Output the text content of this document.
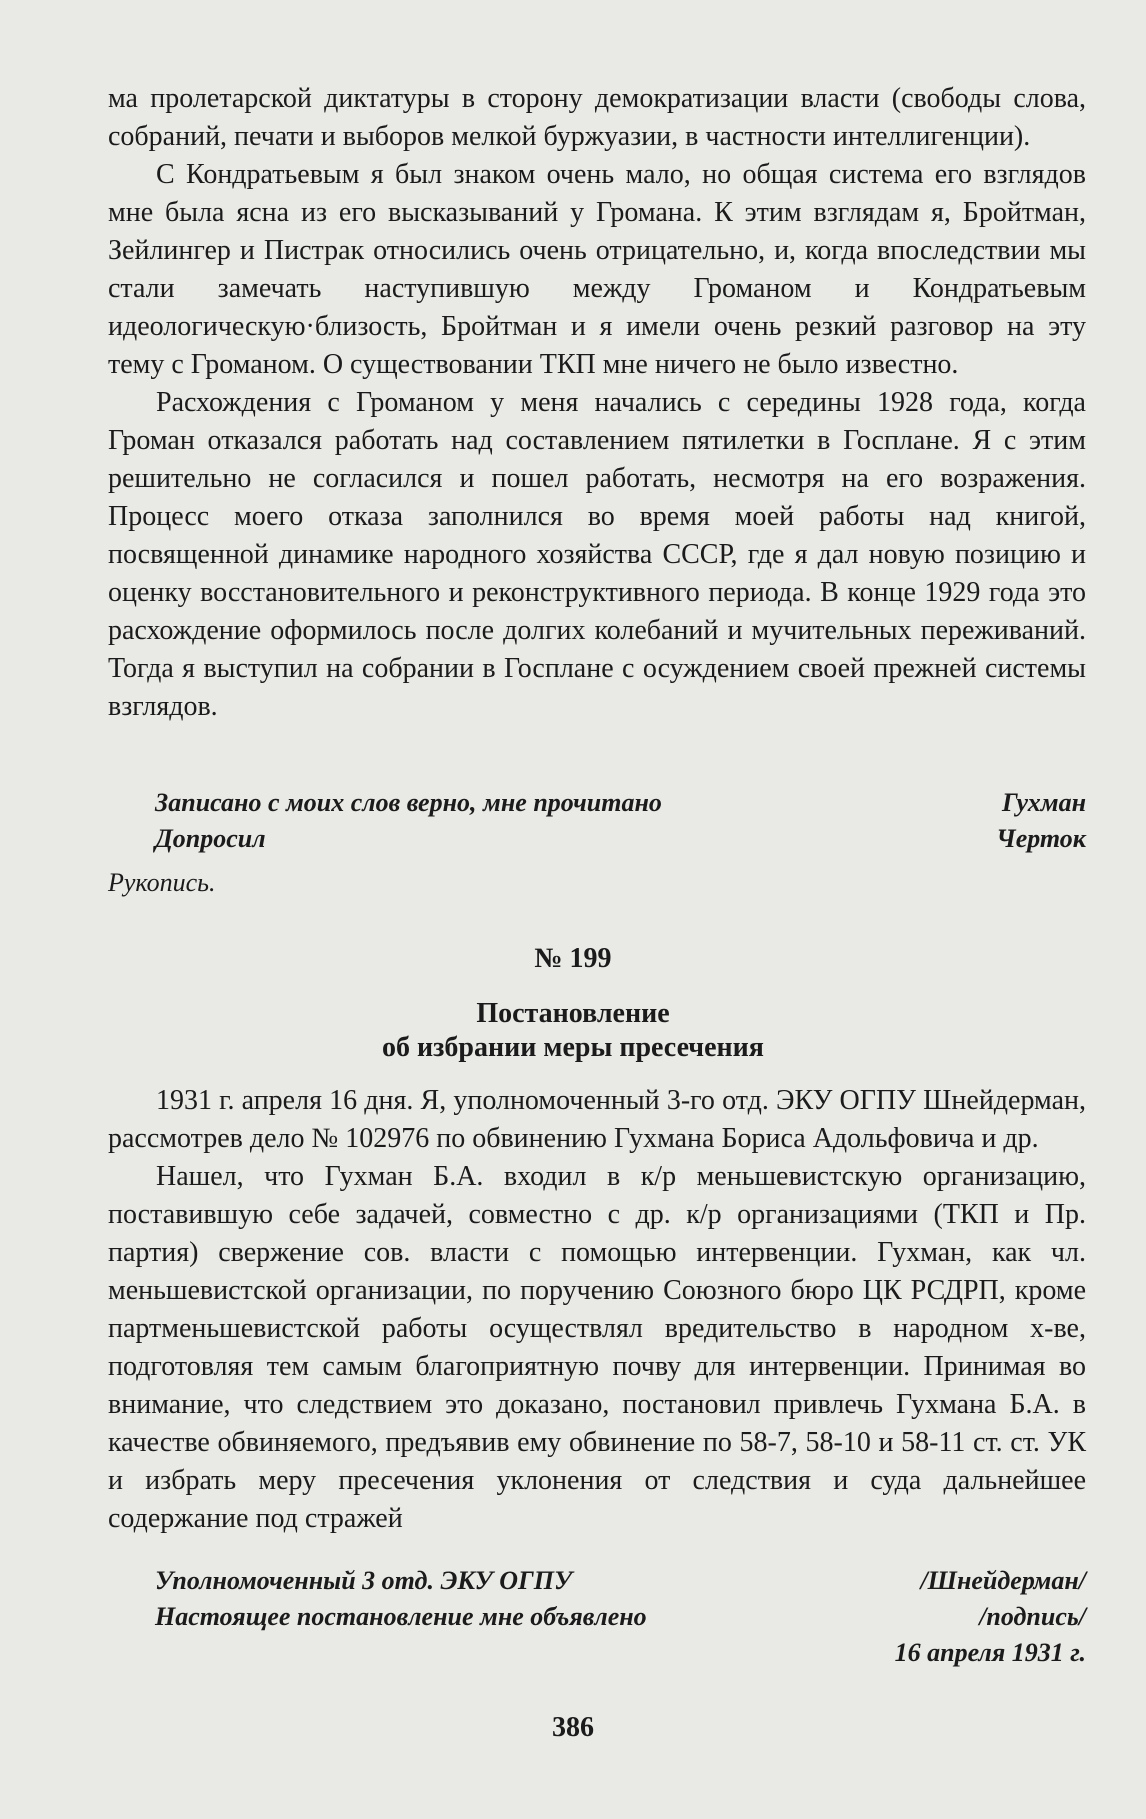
ма пролетарской диктатуры в сторону демократизации власти (свободы слова, собраний, печати и выборов мелкой буржуазии, в частности интеллигенции).

С Кондратьевым я был знаком очень мало, но общая система его взглядов мне была ясна из его высказываний у Громана. К этим взглядам я, Бройтман, Зейлингер и Пистрак относились очень отрицательно, и, когда впоследствии мы стали замечать наступившую между Громаном и Кондратьевым идеологическую·близость, Бройтман и я имели очень резкий разговор на эту тему с Громаном. О существовании ТКП мне ничего не было известно.

Расхождения с Громаном у меня начались с середины 1928 года, когда Громан отказался работать над составлением пятилетки в Госплане. Я с этим решительно не согласился и пошел работать, несмотря на его возражения. Процесс моего отказа заполнился во время моей работы над книгой, посвященной динамике народного хозяйства СССР, где я дал новую позицию и оценку восстановительного и реконструктивного периода. В конце 1929 года это расхождение оформилось после долгих колебаний и мучительных переживаний. Тогда я выступил на собрании в Госплане с осуждением своей прежней системы взглядов.

Записано с моих слов верно, мне прочитано	Гухман
Допросил	Черток
Рукопись.
№ 199
Постановление
об избрании меры пресечения

1931 г. апреля 16 дня. Я, уполномоченный 3-го отд. ЭКУ ОГПУ Шнейдерман, рассмотрев дело № 102976 по обвинению Гухмана Бориса Адольфовича и др.

Нашел, что Гухман Б.А. входил в к/р меньшевистскую организацию, поставившую себе задачей, совместно с др. к/р организациями (ТКП и Пр. партия) свержение сов. власти с помощью интервенции. Гухман, как чл. меньшевистской организации, по поручению Союзного бюро ЦК РСДРП, кроме партменьшевистской работы осуществлял вредительство в народном х-ве, подготовляя тем самым благоприятную почву для интервенции. Принимая во внимание, что следствием это доказано, постановил привлечь Гухмана Б.А. в качестве обвиняемого, предъявив ему обвинение по 58-7, 58-10 и 58-11 ст. ст. УК и избрать меру пресечения уклонения от следствия и суда дальнейшее содержание под стражей

Уполномоченный 3 отд. ЭКУ ОГПУ	/Шнейдерман/
Настоящее постановление мне объявлено	/подпись/
16 апреля 1931 г.
386
